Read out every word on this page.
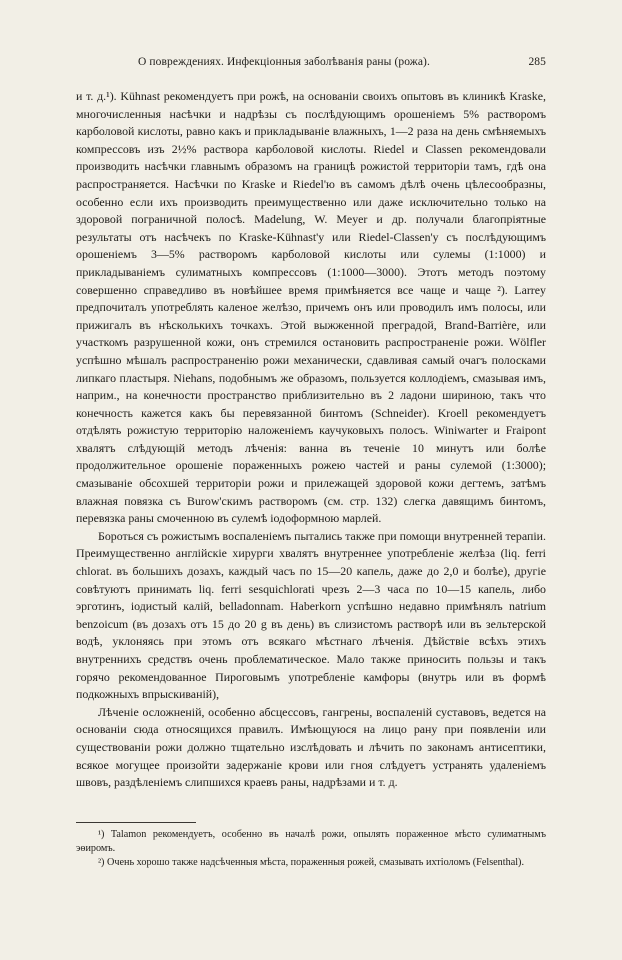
О повреждениях. Инфекціонныя заболѣванія раны (рожа).	285

и т. д.¹). Kühnast рекомендуетъ при рожѣ, на основаніи своихъ опытовъ въ клиникѣ Kraske, многочисленныя насѣчки и надрѣзы съ послѣдующимъ орошеніемъ 5% растворомъ карболовой кислоты, равно какъ и прикладываніе влажныхъ, 1—2 раза на день смѣняемыхъ компрессовъ изъ 2½% раствора карболовой кислоты. Riedel и Classen рекомендовали производить насѣчки главнымъ образомъ на границѣ рожистой территоріи тамъ, гдѣ она распространяется. Насѣчки по Kraske и Riedel'ю въ самомъ дѣлѣ очень цѣлесообразны, особенно если ихъ производить преимущественно или даже исключительно только на здоровой пограничной полосѣ. Madelung, W. Meyer и др. получали благопріятные результаты отъ насѣчекъ по Kraske-Kühnast'у или Riedel-Classen'у съ послѣдующимъ орошеніемъ 3—5% растворомъ карболовой кислоты или сулемы (1:1000) и прикладываніемъ сулиматныхъ компрессовъ (1:1000—3000). Этотъ методъ поэтому совершенно справедливо въ новѣйшее время примѣняется все чаще и чаще ²). Larrey предпочиталъ употреблять каленое желѣзо, причемъ онъ или проводилъ имъ полосы, или прижигалъ въ нѣсколькихъ точкахъ. Этой выжженной преградой, Brand-Barrière, или участкомъ разрушенной кожи, онъ стремился остановить распространеніе рожи. Wölfler успѣшно мѣшалъ распространенію рожи механически, сдавливая самый очагъ полосками липкаго пластыря. Niehans, подобнымъ же образомъ, пользуется коллодіемъ, смазывая имъ, наприм., на конечности пространство приблизительно въ 2 ладони шириною, такъ что конечность кажется какъ бы перевязанной бинтомъ (Schneider). Kroell рекомендуетъ отдѣлять рожистую территорію наложеніемъ каучуковыхъ полосъ. Winiwarter и Fraipont хвалятъ слѣдующій методъ лѣченія: ванна въ теченіе 10 минутъ или болѣе продолжительное орошеніе пораженныхъ рожею частей и раны сулемой (1:3000); смазываніе обсохшей территоріи рожи и прилежащей здоровой кожи дегтемъ, затѣмъ влажная повязка съ Burow'скимъ растворомъ (см. стр. 132) слегка давящимъ бинтомъ, перевязка раны смоченною въ сулемѣ іодоформною марлей.

Бороться съ рожистымъ воспаленіемъ пытались также при помощи внутренней терапіи. Преимущественно англійскіе хирурги хвалятъ внутреннее употребленіе желѣза (liq. ferri chlorat. въ большихъ дозахъ, каждый часъ по 15—20 капель, даже до 2,0 и болѣе), другіе совѣтуютъ принимать liq. ferri sesquichlorati чрезъ 2—3 часа по 10—15 капель, либо эрготинъ, іодистый калій, belladonnam. Haberkorn успѣшно недавно примѣнялъ natrium benzoicum (въ дозахъ отъ 15 до 20 g въ день) въ слизистомъ растворѣ или въ зельтерской водѣ, уклоняясь при этомъ отъ всякаго мѣстнаго лѣченія. Дѣйствіе всѣхъ этихъ внутреннихъ средствъ очень проблематическое. Мало также приносить пользы и такъ горячо рекомендованное Пироговымъ употребленіе камфоры (внутрь или въ формѣ подкожныхъ впрыскиваній),

Лѣченіе осложненій, особенно абсцессовъ, гангрены, воспаленій суставовъ, ведется на основаніи сюда относящихся правилъ. Имѣющуюся на лицо рану при появленіи или существованіи рожи должно тщательно изслѣдовать и лѣчить по законамъ антисептики, всякое могущее произойти задержаніе крови или гноя слѣдуетъ устранять удаленіемъ швовъ, раздѣленіемъ слипшихся краевъ раны, надрѣзами и т. д.

¹) Talamon рекомендуетъ, особенно въ началѣ рожи, опылять пораженное мѣсто сулиматнымъ эѳиромъ.

²) Очень хорошо также надсѣченныя мѣста, пораженныя рожей, смазывать ихтіоломъ (Felsenthal).
